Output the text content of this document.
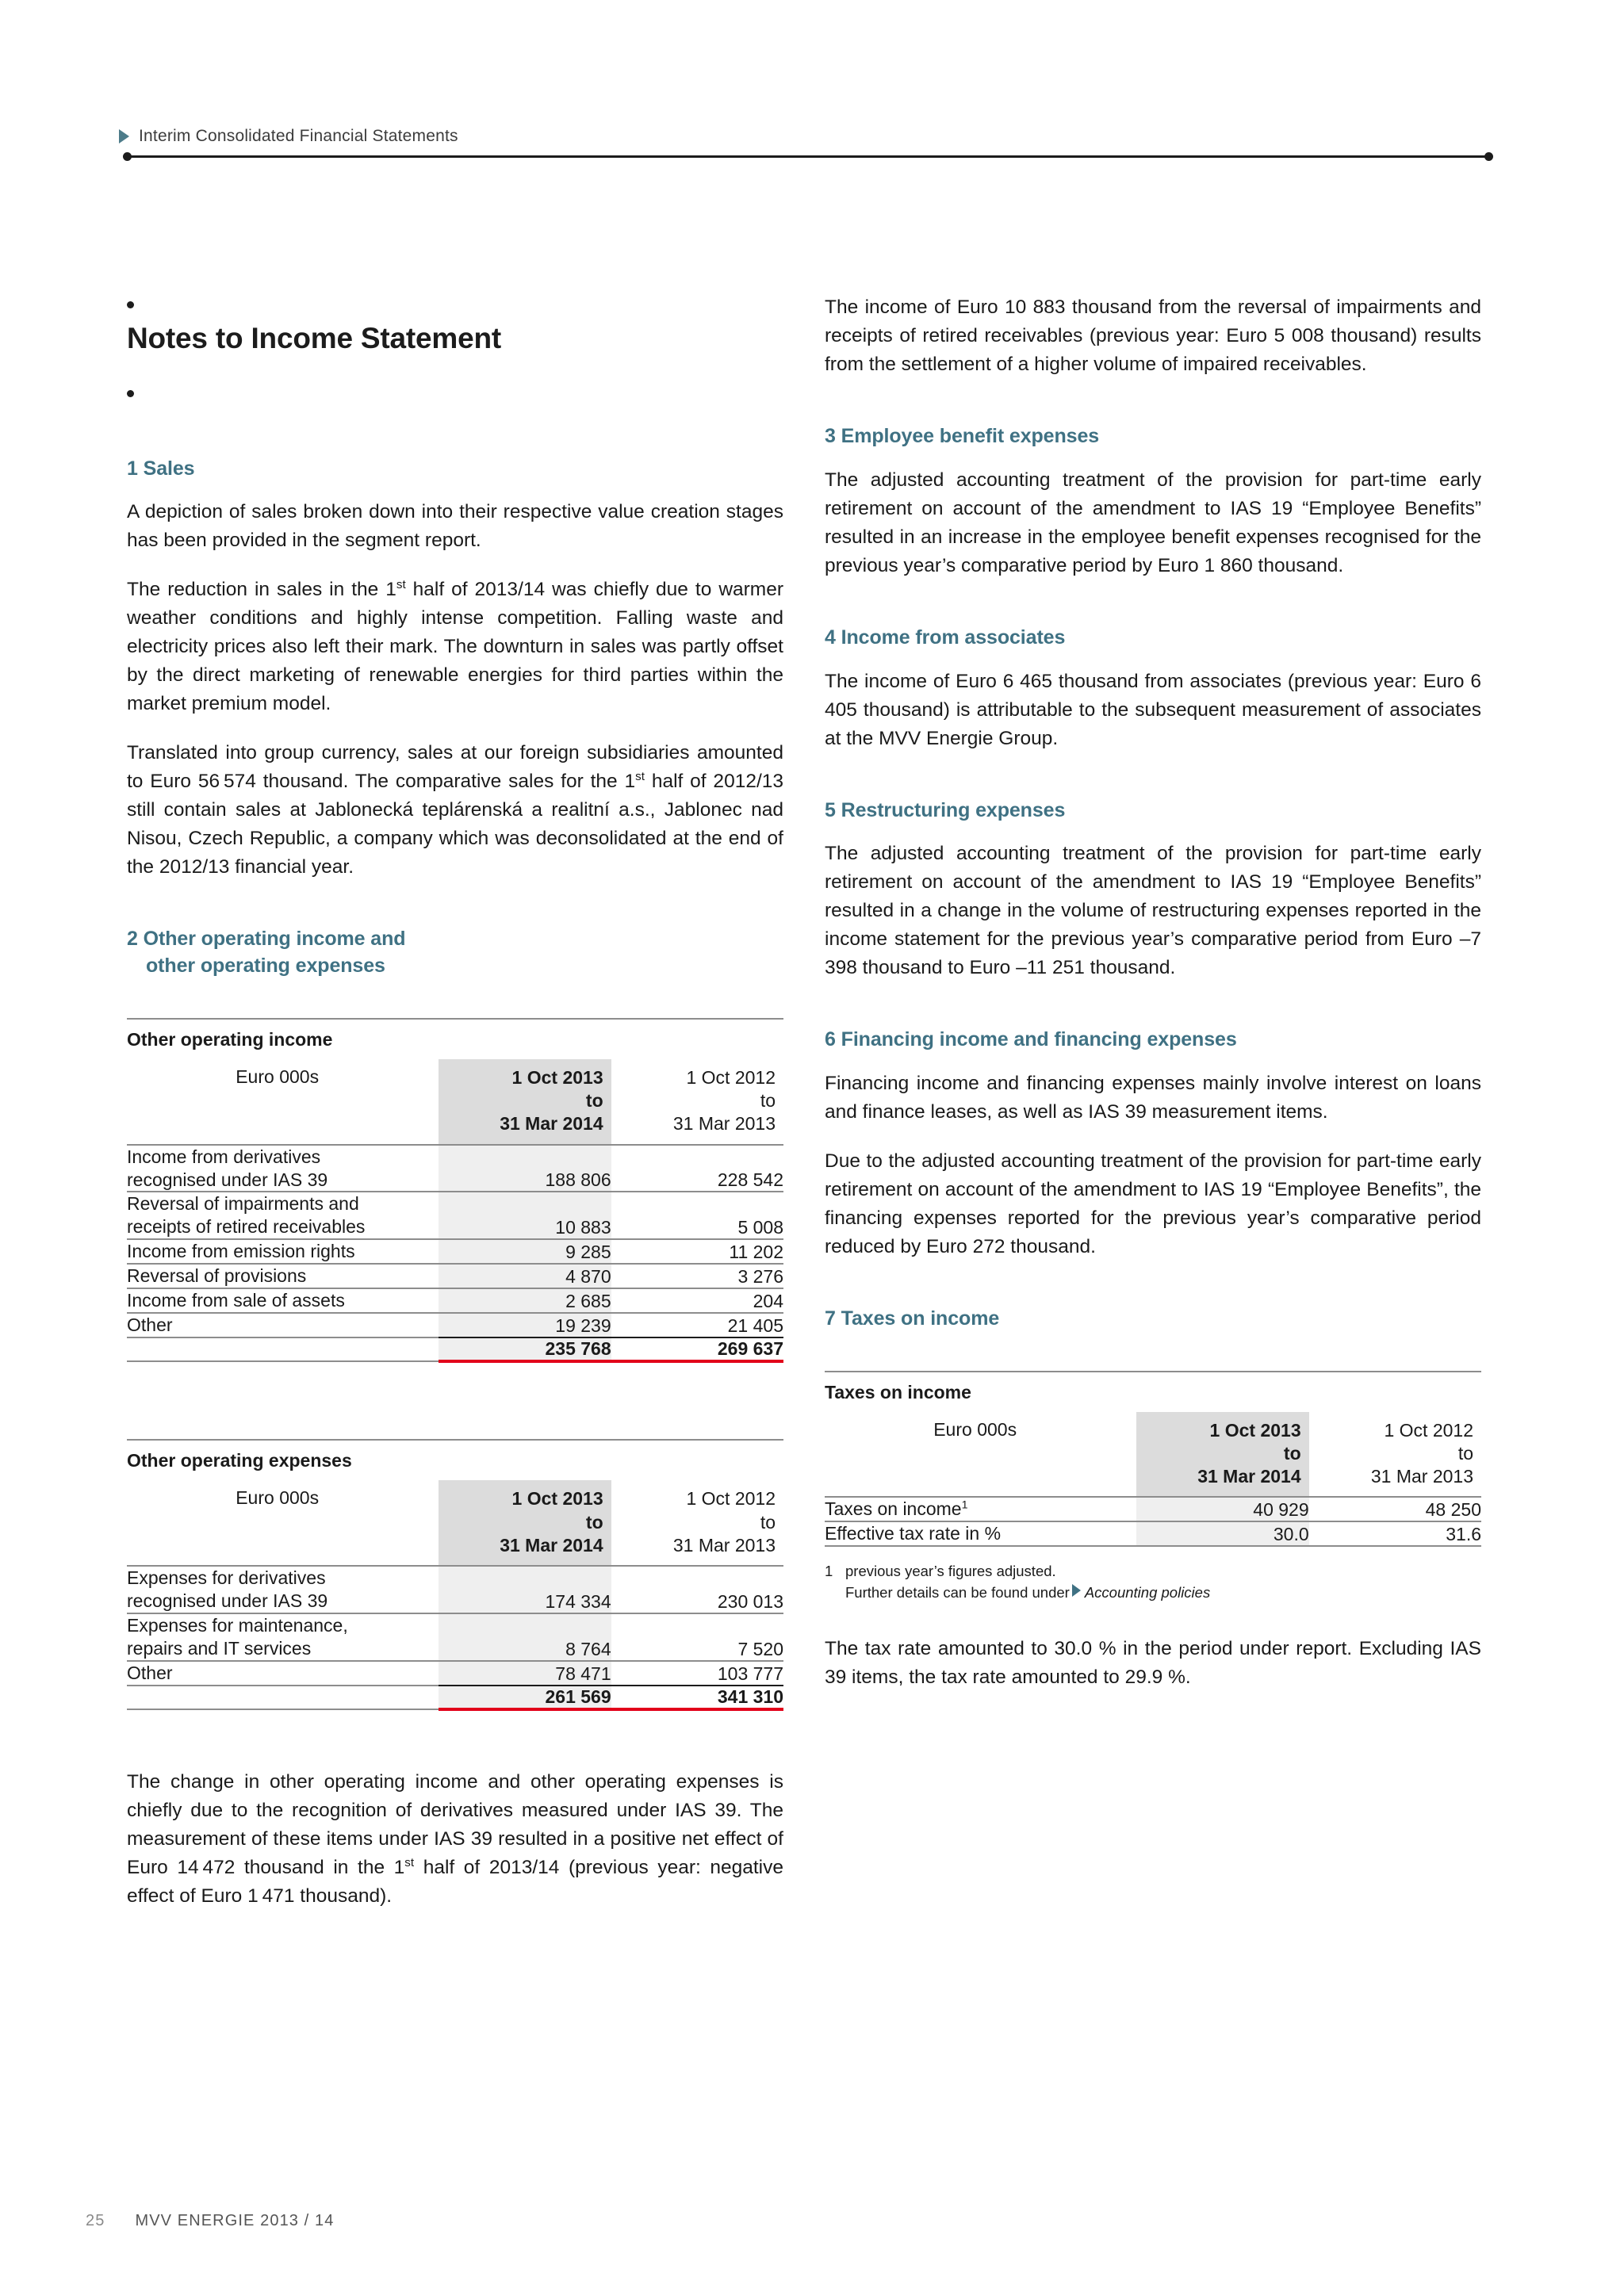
Interim Consolidated Financial Statements
Notes to Income Statement
1 Sales

A depiction of sales broken down into their respective value creation stages has been provided in the segment report.

The reduction in sales in the 1st half of 2013/14 was chiefly due to warmer weather conditions and highly intense competition. Falling waste and electricity prices also left their mark. The downturn in sales was partly offset by the direct marketing of renewable energies for third parties within the market premium model.

Translated into group currency, sales at our foreign subsidiaries amounted to Euro 56 574 thousand. The comparative sales for the 1st half of 2012/13 still contain sales at Jablonecká teplárenská a realitní a.s., Jablonec nad Nisou, Czech Republic, a company which was deconsolidated at the end of the 2012/13 financial year.

2 Other operating income and
other operating expenses
Other operating income
Euro 000s	1 Oct 2013
to
31 Mar 2014	1 Oct 2012
to
31 Mar 2013
Income from derivatives
recognised under IAS 39	188 806	228 542
Reversal of impairments and
receipts of retired receivables	10 883	5 008
Income from emission rights	9 285	11 202
Reversal of provisions	4 870	3 276
Income from sale of assets	2 685	204
Other	19 239	21 405
	235 768	269 637
Other operating expenses
Euro 000s	1 Oct 2013
to
31 Mar 2014	1 Oct 2012
to
31 Mar 2013
Expenses for derivatives
recognised under IAS 39	174 334	230 013
Expenses for maintenance,
repairs and IT services	8 764	7 520
Other	78 471	103 777
	261 569	341 310

The change in other operating income and other operating expenses is chiefly due to the recognition of derivatives measured under IAS 39. The measurement of these items under IAS 39 resulted in a positive net effect of Euro 14 472 thousand in the 1st half of 2013/14 (previous year: negative effect of Euro 1 471 thousand).

The income of Euro 10 883 thousand from the reversal of impairments and receipts of retired receivables (previous year: Euro 5 008 thousand) results from the settlement of a higher volume of impaired receivables.

3 Employee benefit expenses

The adjusted accounting treatment of the provision for part-time early retirement on account of the amendment to IAS 19 “Employee Benefits” resulted in an increase in the employee benefit expenses recognised for the previous year’s comparative period by Euro 1 860 thousand.

4 Income from associates

The income of Euro 6 465 thousand from associates (previous year: Euro 6 405 thousand) is attributable to the subsequent measurement of associates at the MVV Energie Group.

5 Restructuring expenses

The adjusted accounting treatment of the provision for part-time early retirement on account of the amendment to IAS 19 “Employee Benefits” resulted in a change in the volume of restructuring expenses reported in the income statement for the previous year’s comparative period from Euro –7 398 thousand to Euro –11 251 thousand.

6 Financing income and financing expenses

Financing income and financing expenses mainly involve interest on loans and finance leases, as well as IAS 39 measurement items.

Due to the adjusted accounting treatment of the provision for part-time early retirement on account of the amendment to IAS 19 “Employee Benefits”, the financing expenses reported for the previous year’s comparative period reduced by Euro 272 thousand.

7 Taxes on income
Taxes on income
Euro 000s	1 Oct 2013
to
31 Mar 2014	1 Oct 2012
to
31 Mar 2013
Taxes on income$^1$	40 929	48 250
Effective tax rate in %	30.0	31.6
1 previous year’s figures adjusted.
Further details can be found under Accounting policies

The tax rate amounted to 30.0 % in the period under report. Excluding IAS 39 items, the tax rate amounted to 29.9 %.

25 MVV ENERGIE 2013 / 14
